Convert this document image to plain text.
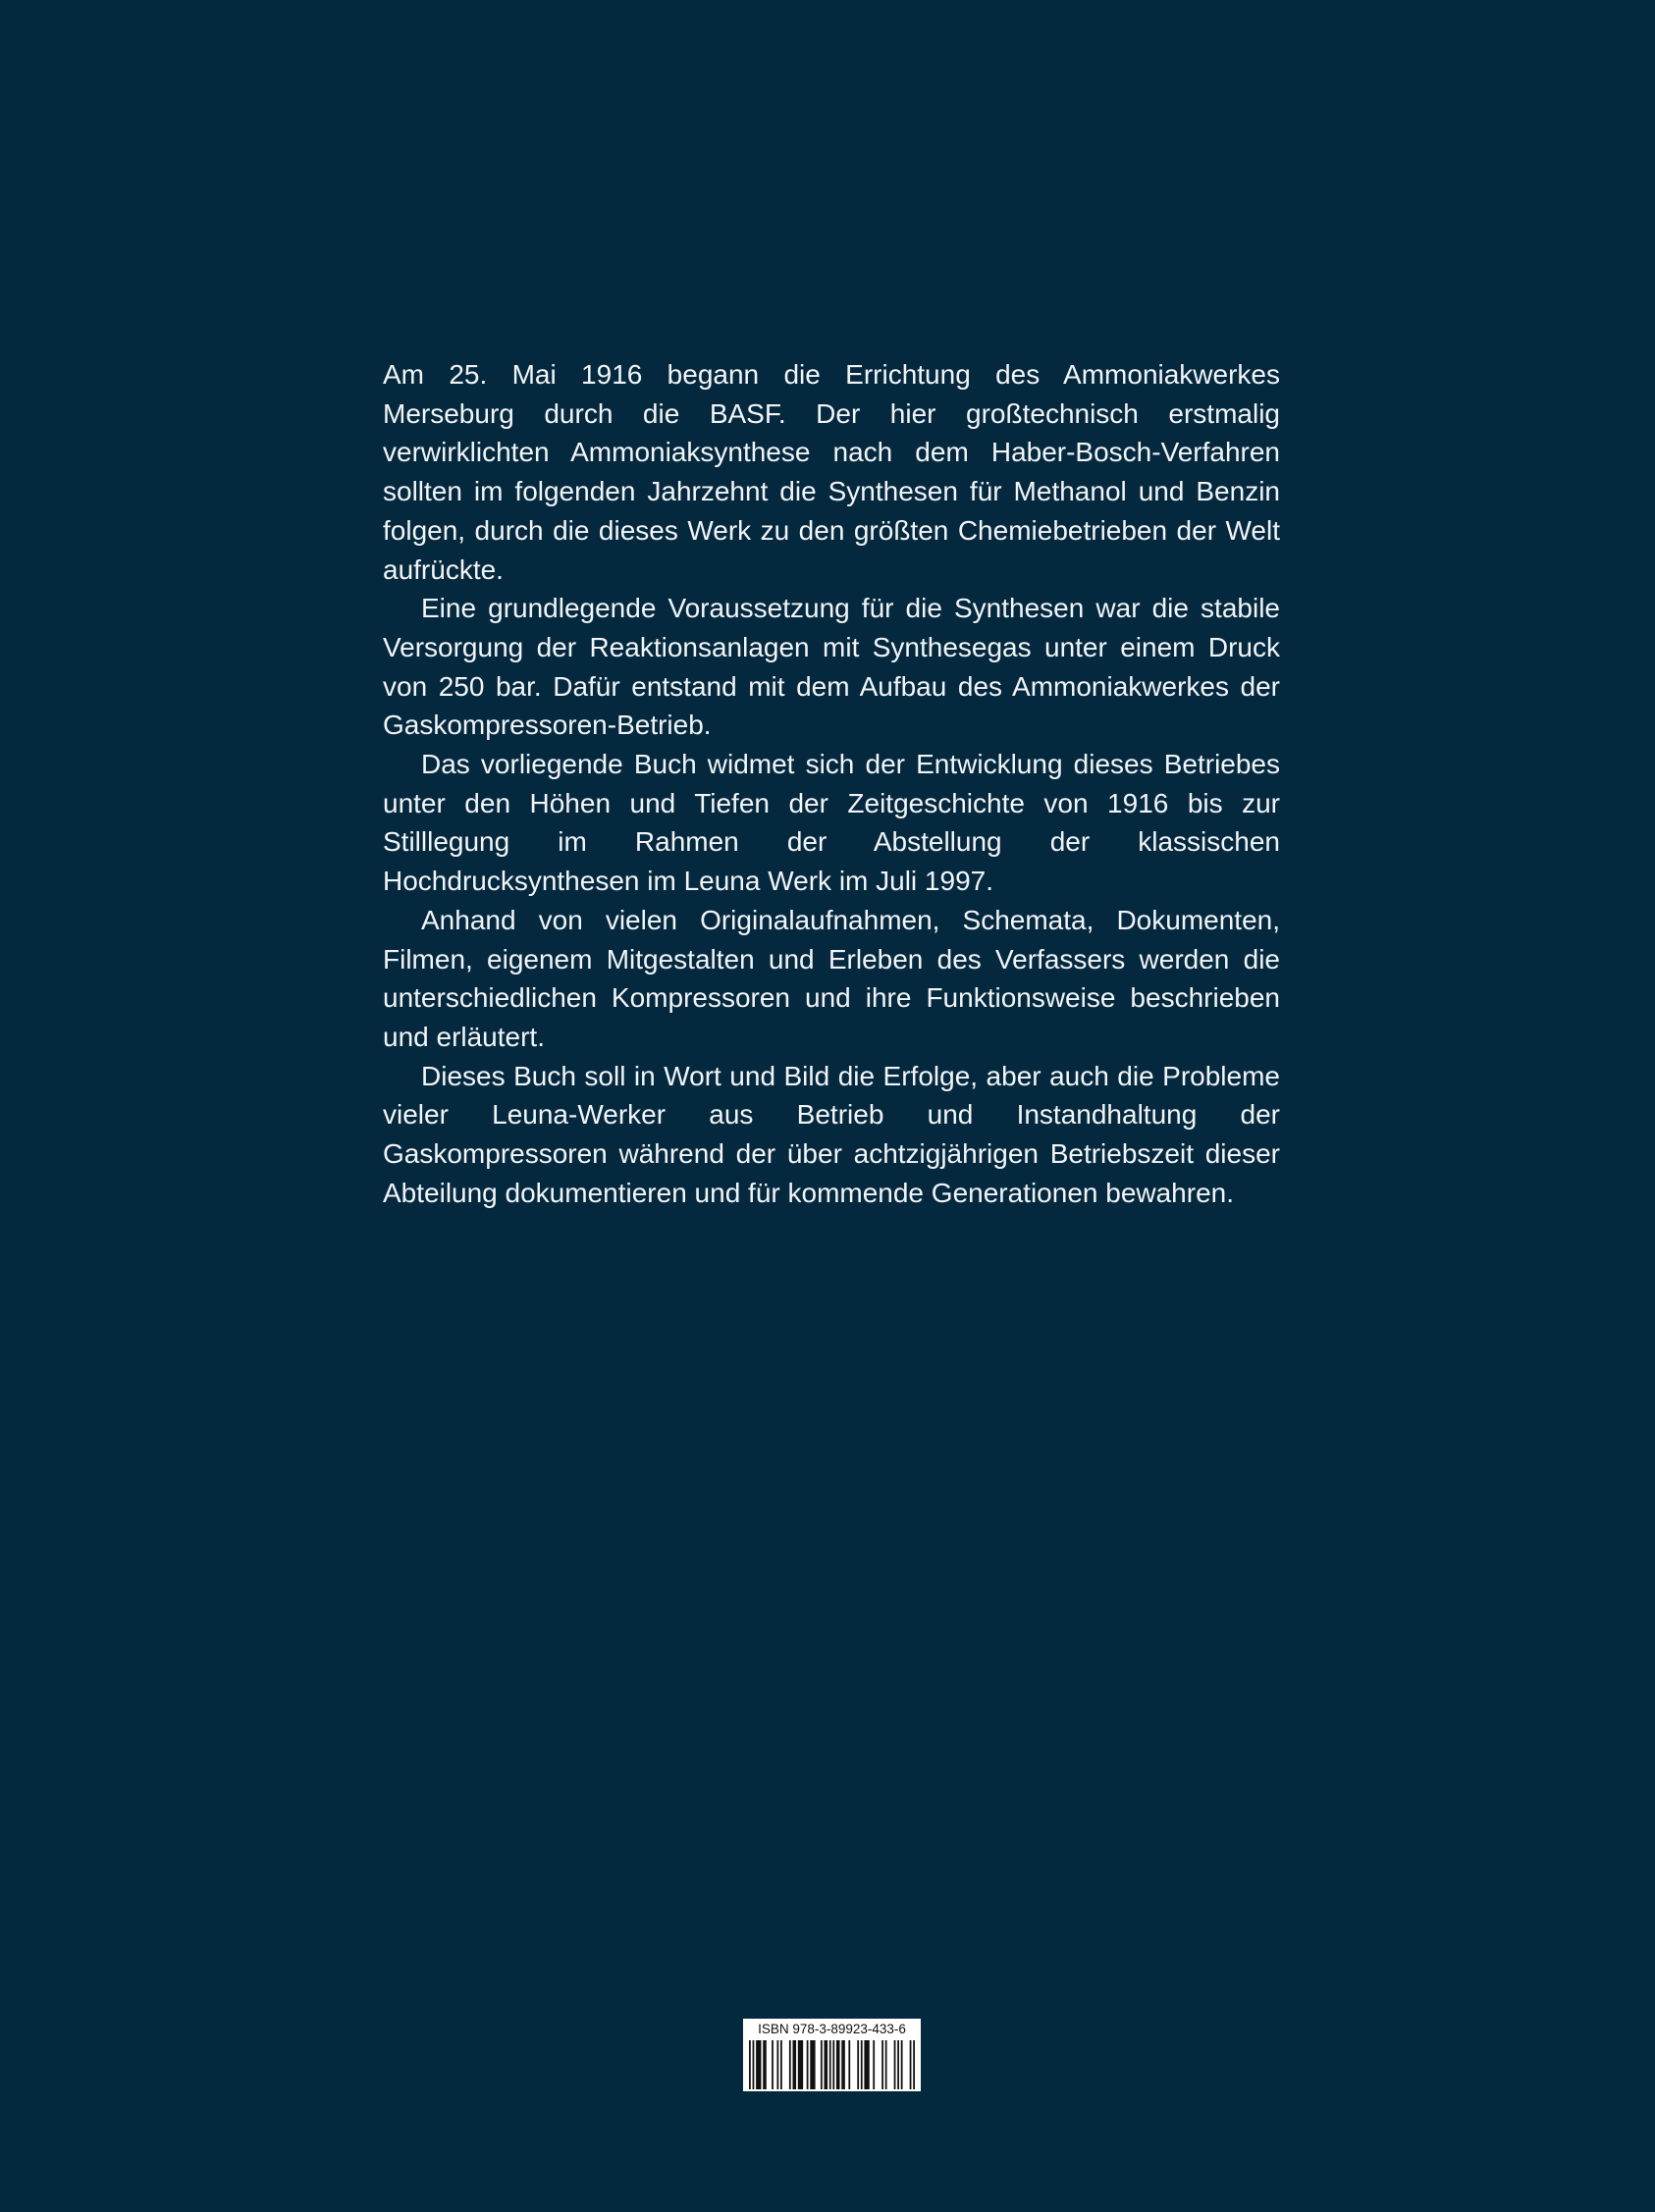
Am 25. Mai 1916 begann die Errichtung des Ammoniakwerkes Merseburg durch die BASF. Der hier großtechnisch erstmalig verwirklichten Ammoniaksynthese nach dem Haber-Bosch-Verfahren sollten im folgenden Jahrzehnt die Synthesen für Methanol und Benzin folgen, durch die dieses Werk zu den größten Chemiebetrieben der Welt aufrückte.

Eine grundlegende Voraussetzung für die Synthesen war die stabile Versorgung der Reaktionsanlagen mit Synthesegas unter einem Druck von 250 bar. Dafür entstand mit dem Aufbau des Ammoniakwerkes der Gaskompressoren-Betrieb.

Das vorliegende Buch widmet sich der Entwicklung dieses Betriebes unter den Höhen und Tiefen der Zeitgeschichte von 1916 bis zur Stilllegung im Rahmen der Abstellung der klassischen Hochdrucksynthesen im Leuna Werk im Juli 1997.

Anhand von vielen Originalaufnahmen, Schemata, Dokumenten, Filmen, eigenem Mitgestalten und Erleben des Verfassers werden die unterschiedlichen Kompressoren und ihre Funktionsweise beschrieben und erläutert.

Dieses Buch soll in Wort und Bild die Erfolge, aber auch die Probleme vieler Leuna-Werker aus Betrieb und Instandhaltung der Gaskompressoren während der über achtzigjährigen Betriebszeit dieser Abteilung dokumentieren und für kommende Generationen bewahren.

ISBN 978-3-89923-433-6
